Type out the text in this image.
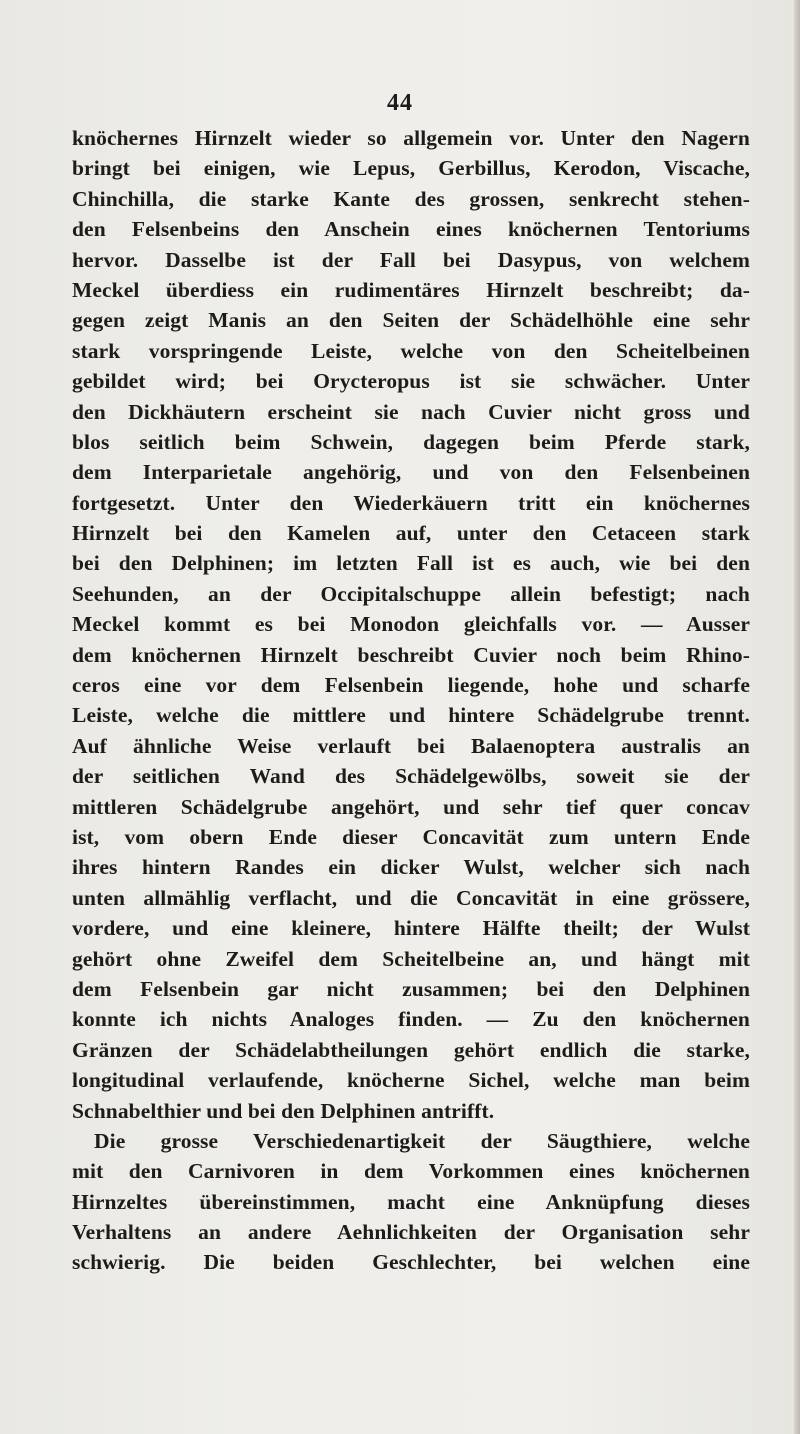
44
knöchernes Hirnzelt wieder so allgemein vor. Unter den Nagern
bringt bei einigen, wie Lepus, Gerbillus, Kerodon, Viscache,
Chinchilla, die starke Kante des grossen, senkrecht stehen-
den Felsenbeins den Anschein eines knöchernen Tentoriums
hervor. Dasselbe ist der Fall bei Dasypus, von welchem
Meckel überdiess ein rudimentäres Hirnzelt beschreibt; da-
gegen zeigt Manis an den Seiten der Schädelhöhle eine sehr
stark vorspringende Leiste, welche von den Scheitelbeinen
gebildet wird; bei Orycteropus ist sie schwächer. Unter
den Dickhäutern erscheint sie nach Cuvier nicht gross und
blos seitlich beim Schwein, dagegen beim Pferde stark,
dem Interparietale angehörig, und von den Felsenbeinen
fortgesetzt. Unter den Wiederkäuern tritt ein knöchernes
Hirnzelt bei den Kamelen auf, unter den Cetaceen stark
bei den Delphinen; im letzten Fall ist es auch, wie bei den
Seehunden, an der Occipitalschuppe allein befestigt; nach
Meckel kommt es bei Monodon gleichfalls vor. — Ausser
dem knöchernen Hirnzelt beschreibt Cuvier noch beim Rhino-
ceros eine vor dem Felsenbein liegende, hohe und scharfe
Leiste, welche die mittlere und hintere Schädelgrube trennt.
Auf ähnliche Weise verlauft bei Balaenoptera australis an
der seitlichen Wand des Schädelgewölbs, soweit sie der
mittleren Schädelgrube angehört, und sehr tief quer concav
ist, vom obern Ende dieser Concavität zum untern Ende
ihres hintern Randes ein dicker Wulst, welcher sich nach
unten allmählig verflacht, und die Concavität in eine grössere,
vordere, und eine kleinere, hintere Hälfte theilt; der Wulst
gehört ohne Zweifel dem Scheitelbeine an, und hängt mit
dem Felsenbein gar nicht zusammen; bei den Delphinen
konnte ich nichts Analoges finden. — Zu den knöchernen
Gränzen der Schädelabtheilungen gehört endlich die starke,
longitudinal verlaufende, knöcherne Sichel, welche man beim
Schnabelthier und bei den Delphinen antrifft.
Die grosse Verschiedenartigkeit der Säugthiere, welche
mit den Carnivoren in dem Vorkommen eines knöchernen
Hirnzeltes übereinstimmen, macht eine Anknüpfung dieses
Verhaltens an andere Aehnlichkeiten der Organisation sehr
schwierig. Die beiden Geschlechter, bei welchen eine
